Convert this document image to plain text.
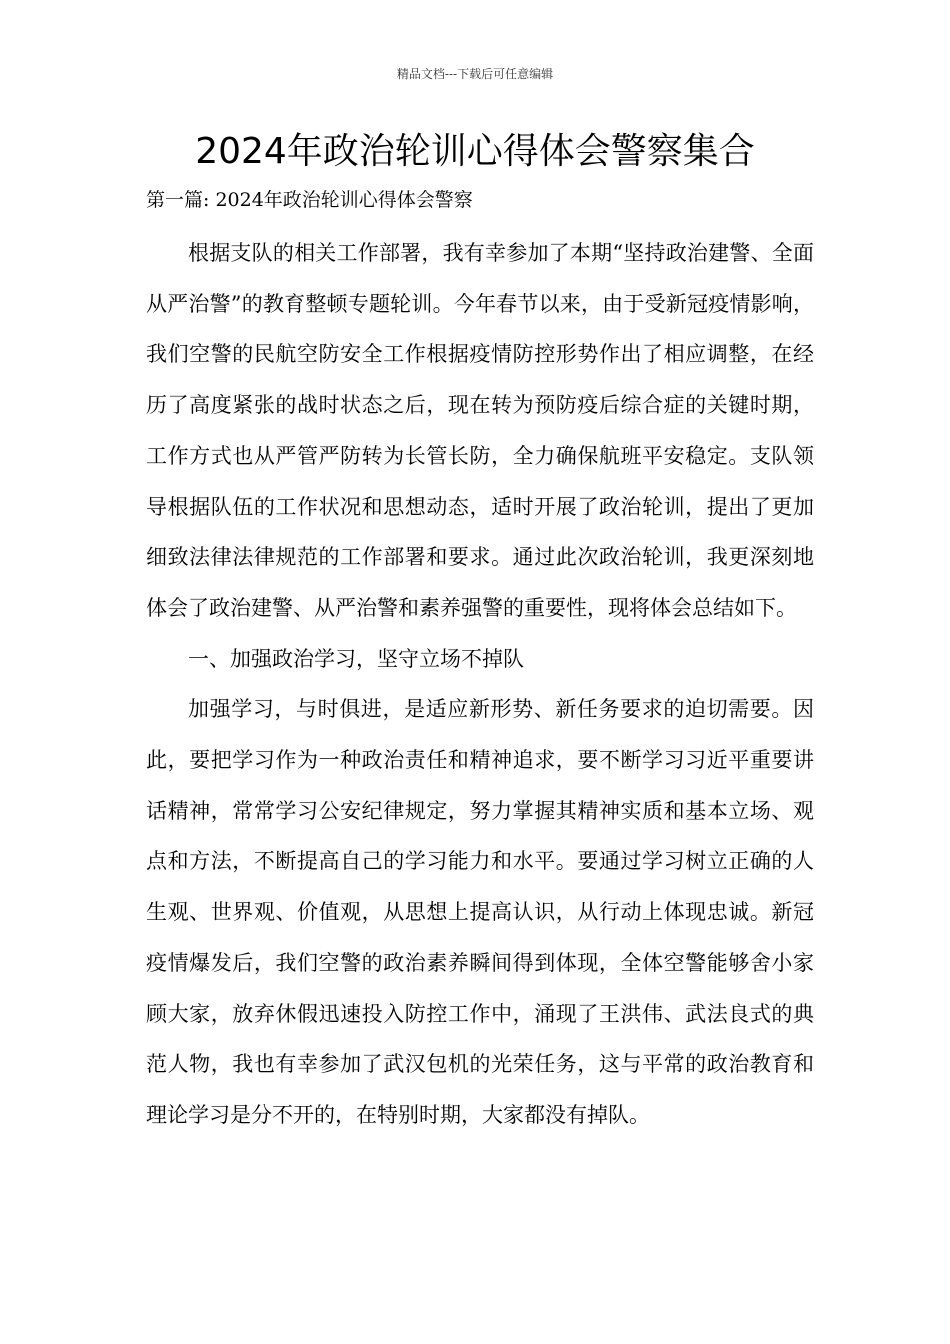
精品文档---下载后可任意编辑
2024年政治轮训心得体会警察集合
第一篇: 2024年政治轮训心得体会警察

根据支队的相关工作部署，我有幸参加了本期“坚持政治建警、全面从严治警”的教育整顿专题轮训。今年春节以来，由于受新冠疫情影响，我们空警的民航空防安全工作根据疫情防控形势作出了相应调整，在经历了高度紧张的战时状态之后，现在转为预防疫后综合症的关键时期，工作方式也从严管严防转为长管长防，全力确保航班平安稳定。支队领导根据队伍的工作状况和思想动态，适时开展了政治轮训，提出了更加细致法律法律规范的工作部署和要求。通过此次政治轮训，我更深刻地体会了政治建警、从严治警和素养强警的重要性，现将体会总结如下。

一、加强政治学习，坚守立场不掉队

加强学习，与时俱进，是适应新形势、新任务要求的迫切需要。因此，要把学习作为一种政治责任和精神追求，要不断学习习近平重要讲话精神，常常学习公安纪律规定，努力掌握其精神实质和基本立场、观点和方法，不断提高自己的学习能力和水平。要通过学习树立正确的人生观、世界观、价值观，从思想上提高认识，从行动上体现忠诚。新冠疫情爆发后，我们空警的政治素养瞬间得到体现，全体空警能够舍小家顾大家，放弃休假迅速投入防控工作中，涌现了王洪伟、武法良式的典范人物，我也有幸参加了武汉包机的光荣任务，这与平常的政治教育和理论学习是分不开的，在特别时期，大家都没有掉队。
